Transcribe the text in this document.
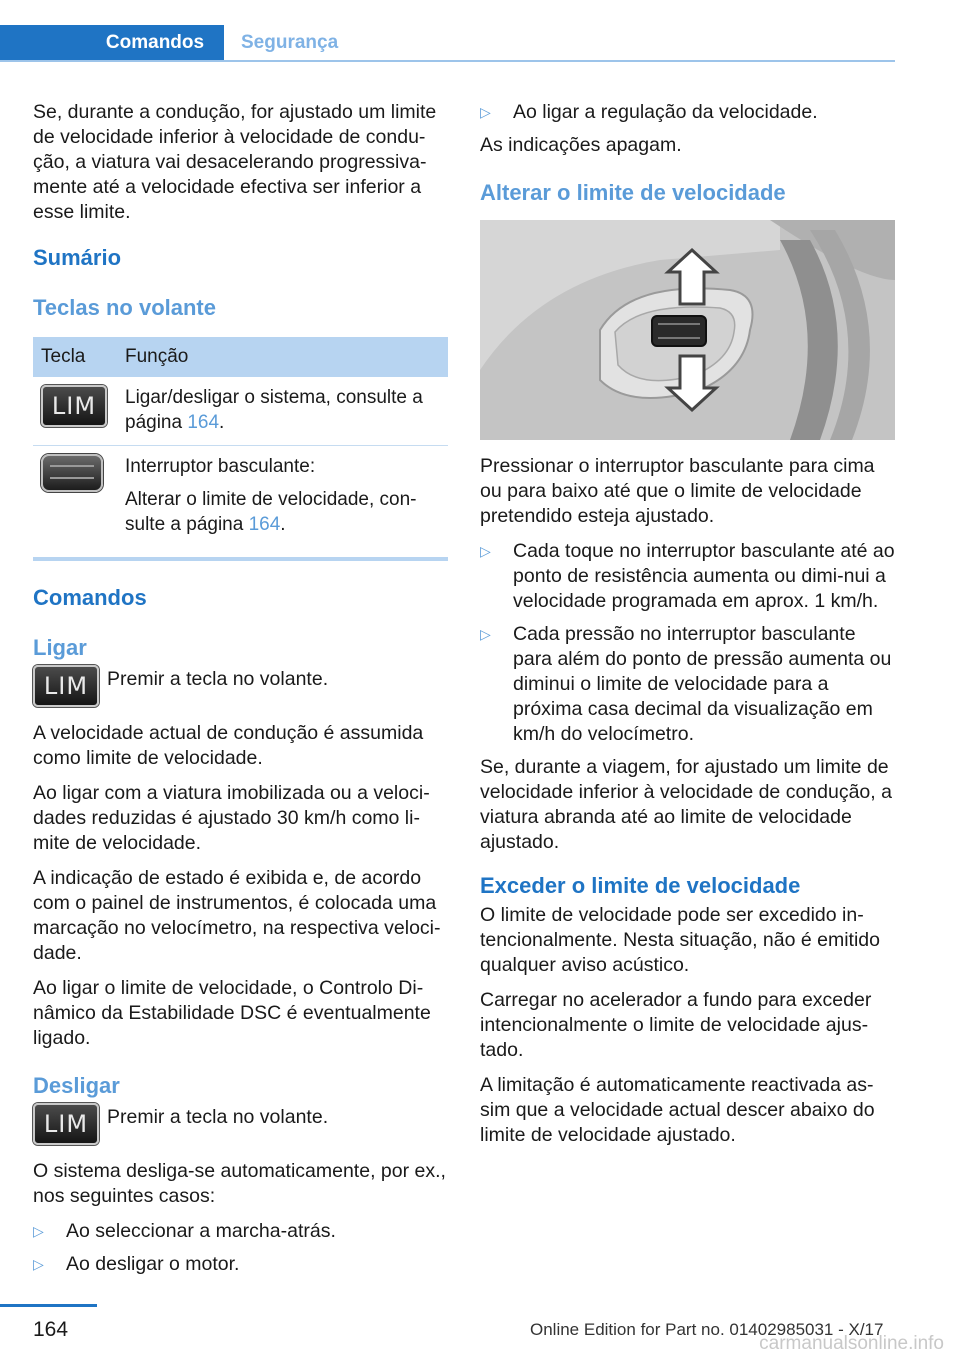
Comandos	Segurança

Se, durante a condução, for ajustado um limite de velocidade inferior à velocidade de condu‐ção, a viatura vai desacelerando progressiva‐mente até a velocidade efectiva ser inferior a esse limite.

Sumário
Teclas no volante
Tecla	Função

LIM	Ligar/desligar o sistema, consulte a página 164.

	Interruptor basculante:
Alterar o limite de velocidade, con‐sulte a página 164.
Comandos
Ligar
LIM Premir a tecla no volante.

A velocidade actual de condução é assumida como limite de velocidade.

Ao ligar com a viatura imobilizada ou a veloci‐dades reduzidas é ajustado 30 km/h como li‐mite de velocidade.

A indicação de estado é exibida e, de acordo com o painel de instrumentos, é colocada uma marcação no velocímetro, na respectiva veloci‐dade.

Ao ligar o limite de velocidade, o Controlo Di‐nâmico da Estabilidade DSC é eventualmente ligado.

Desligar
LIM Premir a tecla no volante.

O sistema desliga-se automaticamente, por ex., nos seguintes casos:

▷ Ao seleccionar a marcha-atrás.
▷ Ao desligar o motor.
▷ Ao ligar a regulação da velocidade.

As indicações apagam.

Alterar o limite de velocidade

Pressionar o interruptor basculante para cima ou para baixo até que o limite de velocidade pretendido esteja ajustado.

▷ Cada toque no interruptor basculante até ao ponto de resistência aumenta ou dimi‐nui a velocidade programada em aprox. 1 km/h.
▷ Cada pressão no interruptor basculante para além do ponto de pressão aumenta ou diminui o limite de velocidade para a próxima casa decimal da visualização em km/h do velocímetro.

Se, durante a viagem, for ajustado um limite de velocidade inferior à velocidade de condução, a viatura abranda até ao limite de velocidade ajustado.

Exceder o limite de velocidade

O limite de velocidade pode ser excedido in‐tencionalmente. Nesta situação, não é emitido qualquer aviso acústico.

Carregar no acelerador a fundo para exceder intencionalmente o limite de velocidade ajus‐tado.

A limitação é automaticamente reactivada as‐sim que a velocidade actual descer abaixo do limite de velocidade ajustado.

164	Online Edition for Part no. 01402985031 - X/17
carmanualsonline.info
